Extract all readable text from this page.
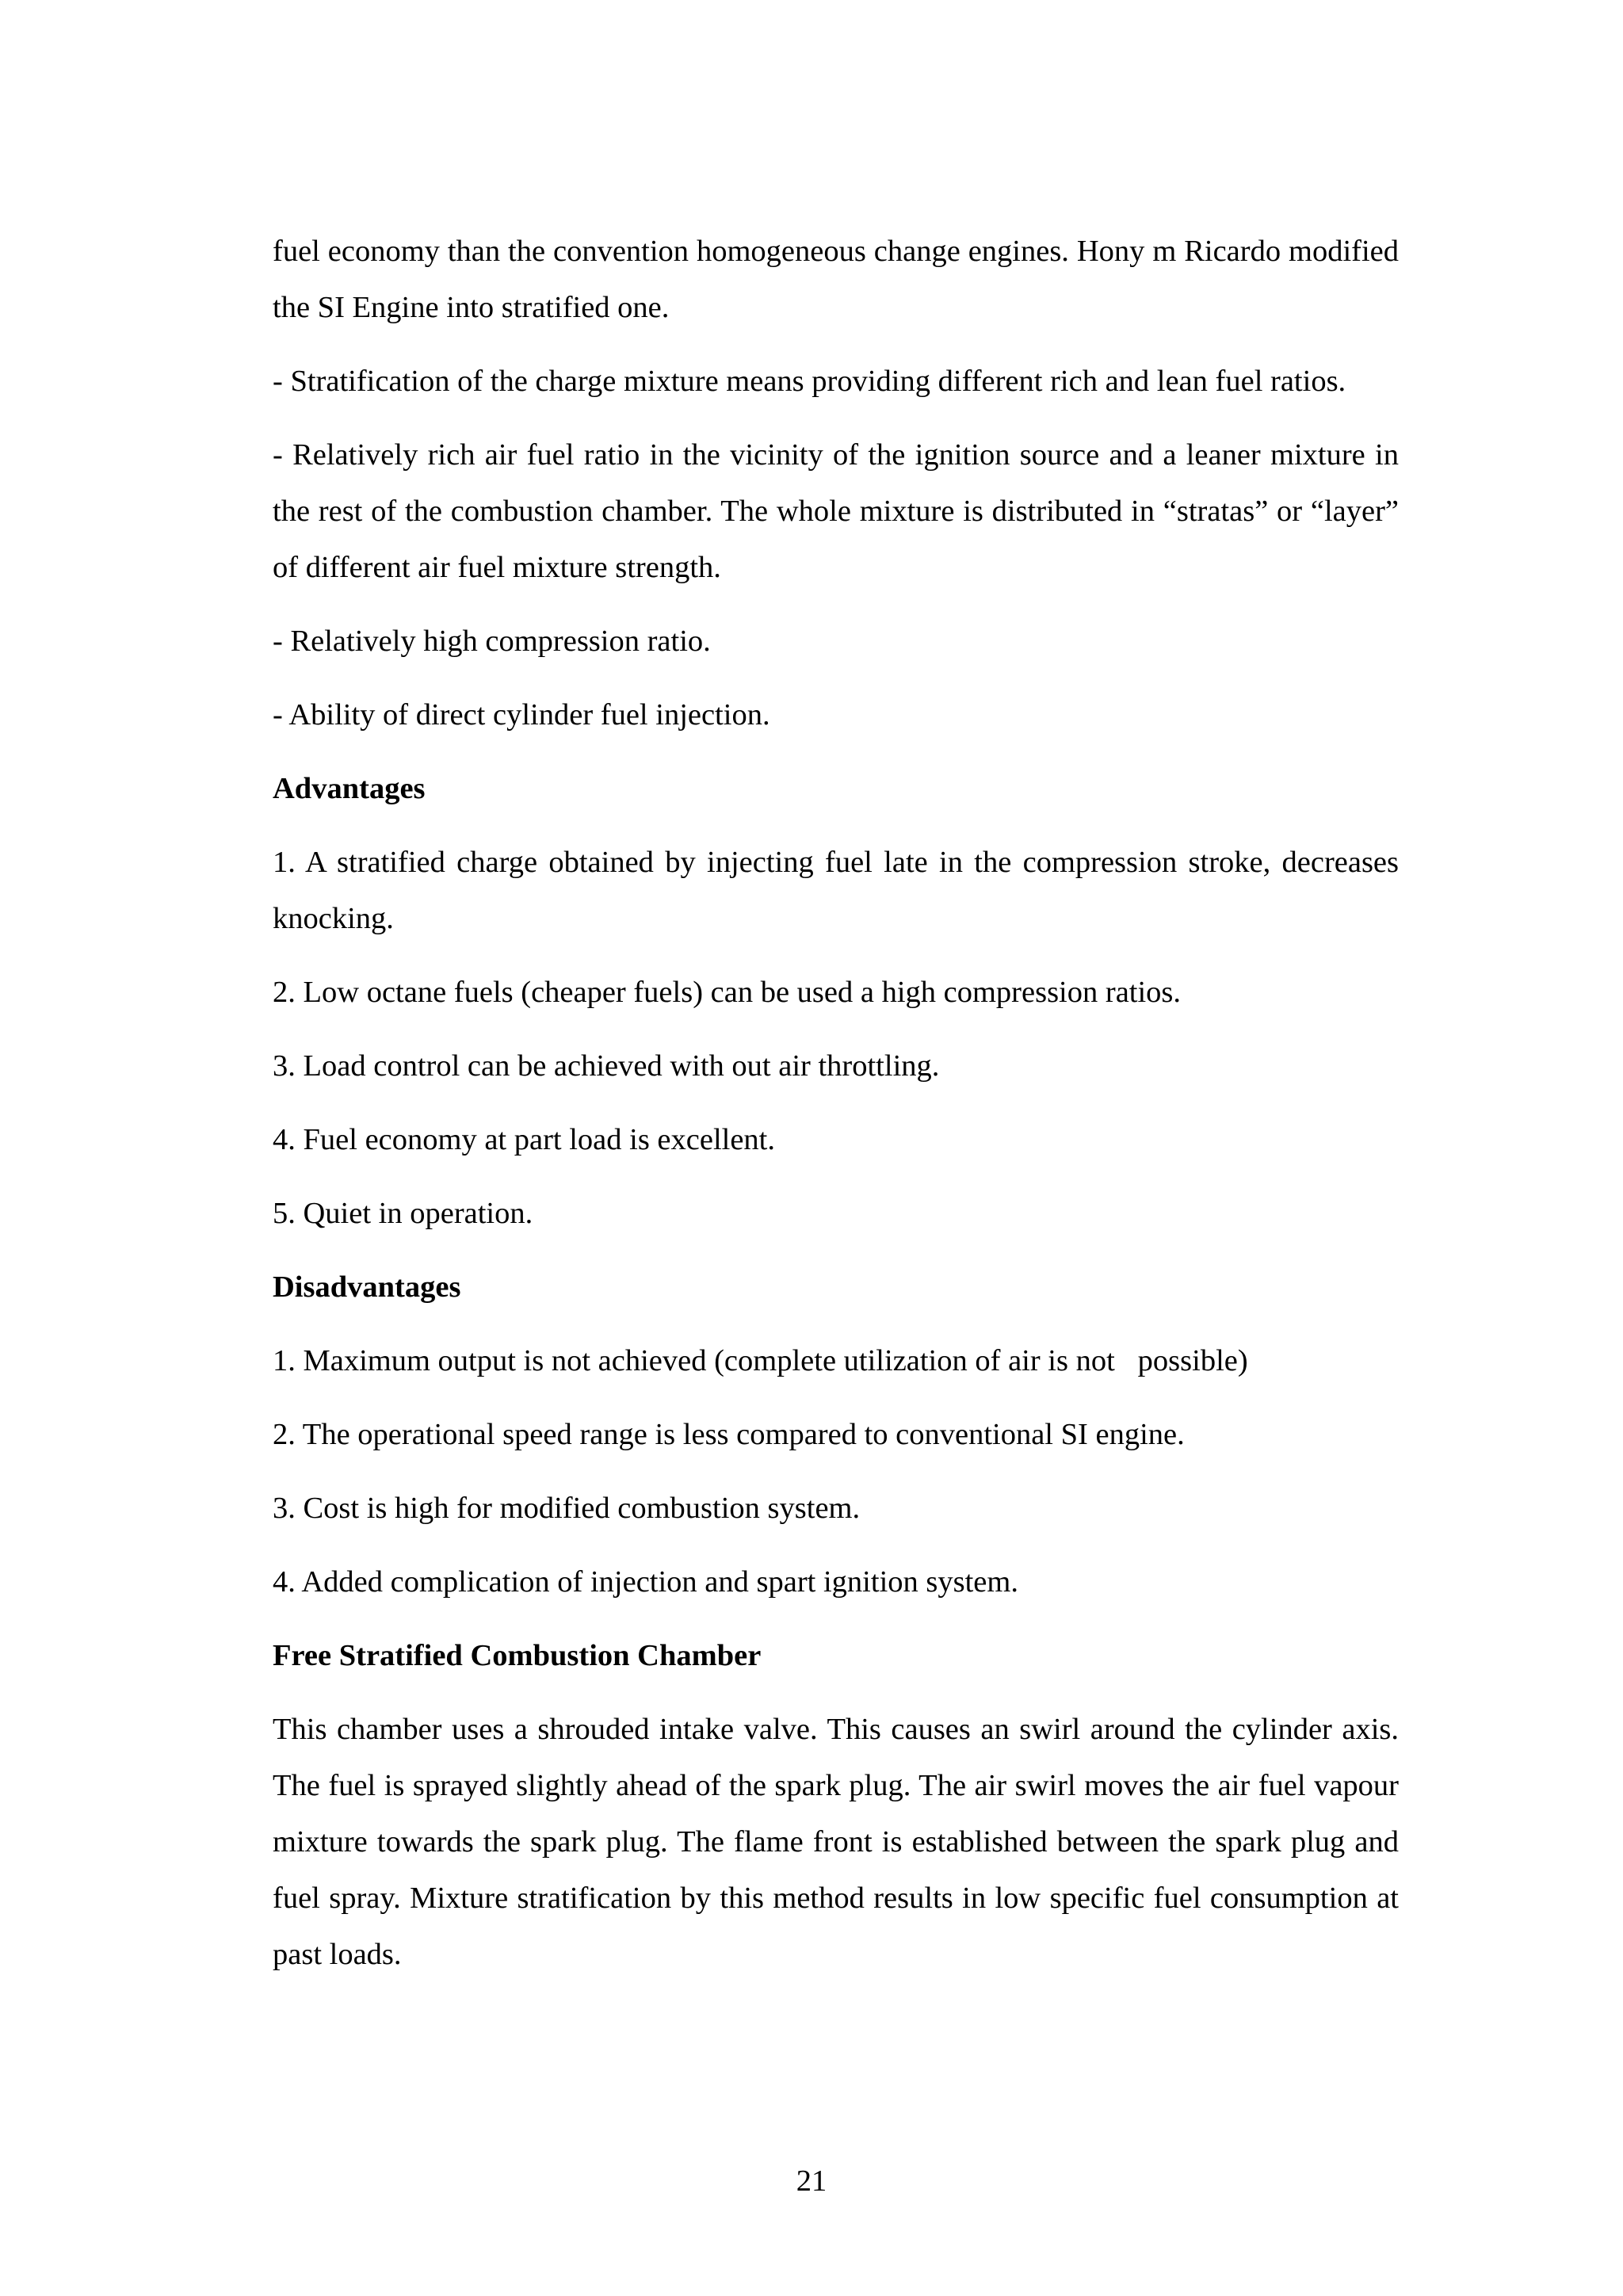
fuel economy than the convention homogeneous change engines. Hony m Ricardo modified the SI Engine into stratified one.

- Stratification of the charge mixture means providing different rich and lean fuel ratios.

- Relatively rich air fuel ratio in the vicinity of the ignition source and a leaner mixture in the rest of the combustion chamber. The whole mixture is distributed in “stratas” or “layer” of different air fuel mixture strength.

- Relatively high compression ratio.

- Ability of direct cylinder fuel injection.

Advantages

1. A stratified charge obtained by injecting fuel late in the compression stroke, decreases knocking.

2. Low octane fuels (cheaper fuels) can be used a high compression ratios.

3. Load control can be achieved with out air throttling.

4. Fuel economy at part load is excellent.

5. Quiet in operation.

Disadvantages

1. Maximum output is not achieved (complete utilization of air is not   possible)

2. The operational speed range is less compared to conventional SI engine.

3. Cost is high for modified combustion system.

4. Added complication of injection and spart ignition system.

Free Stratified Combustion Chamber

This chamber uses a shrouded intake valve. This causes an swirl around the cylinder axis. The fuel is sprayed slightly ahead of the spark plug. The air swirl moves the air fuel vapour mixture towards the spark plug. The flame front is established between the spark plug and fuel spray. Mixture stratification by this method results in low specific fuel consumption at past loads.

21
